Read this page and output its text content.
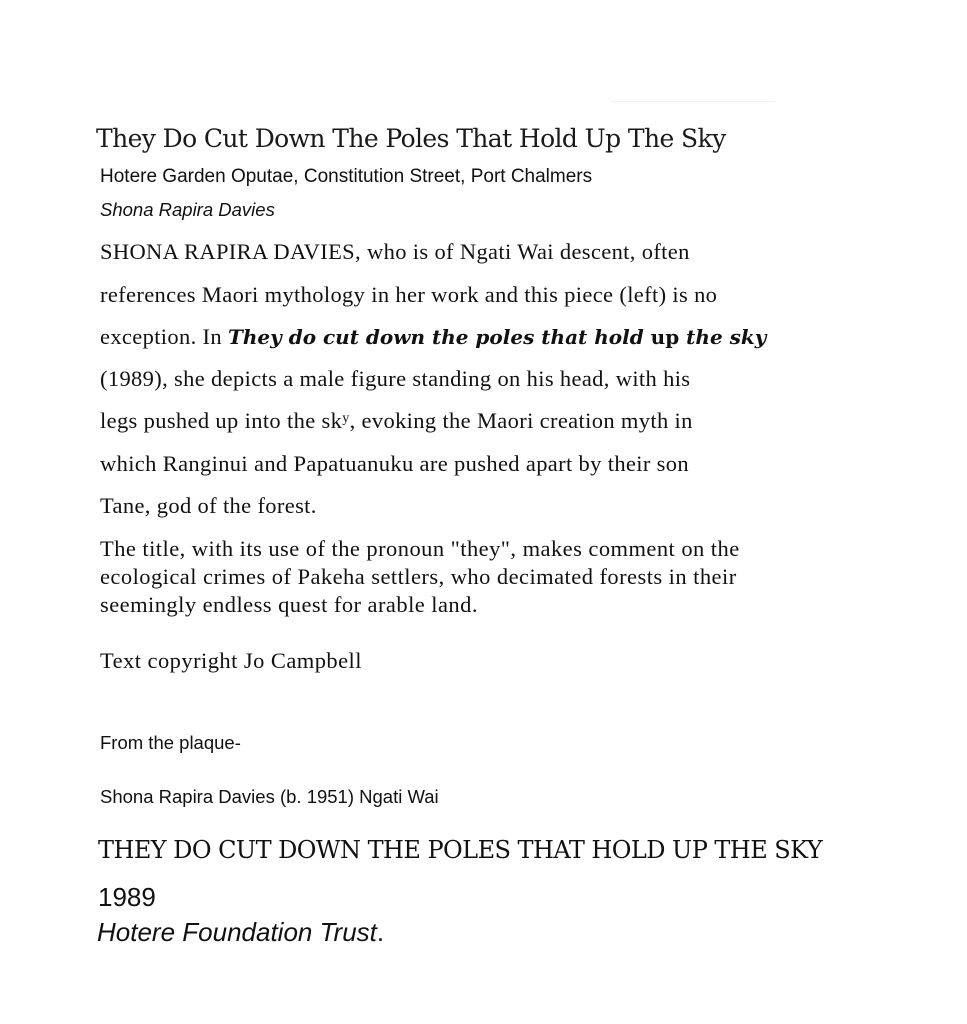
They Do Cut Down The Poles That Hold Up The Sky
Hotere Garden Oputae, Constitution Street, Port Chalmers
Shona Rapira Davies
SHONA RAPIRA DAVIES, who is of Ngati Wai descent, often
references Maori mythology in her work and this piece (left) is no
exception. In They do cut down the poles that hold up the sky
(1989), she depicts a male figure standing on his head, with his
legs pushed up into the $sk^y$, evoking the Maori creation myth in
which Ranginui and Papatuanuku are pushed apart by their son
Tane, god of the forest.
The title, with its use of the pronoun "they", makes comment on the
ecological crimes of Pakeha settlers, who decimated forests in their
seemingly endless quest for arable land.
Text copyright Jo Campbell
From the plaque-
Shona Rapira Davies (b. 1951) Ngati Wai
THEY DO CUT DOWN THE POLES THAT HOLD UP THE SKY
1989
Hotere Foundation Trust.
